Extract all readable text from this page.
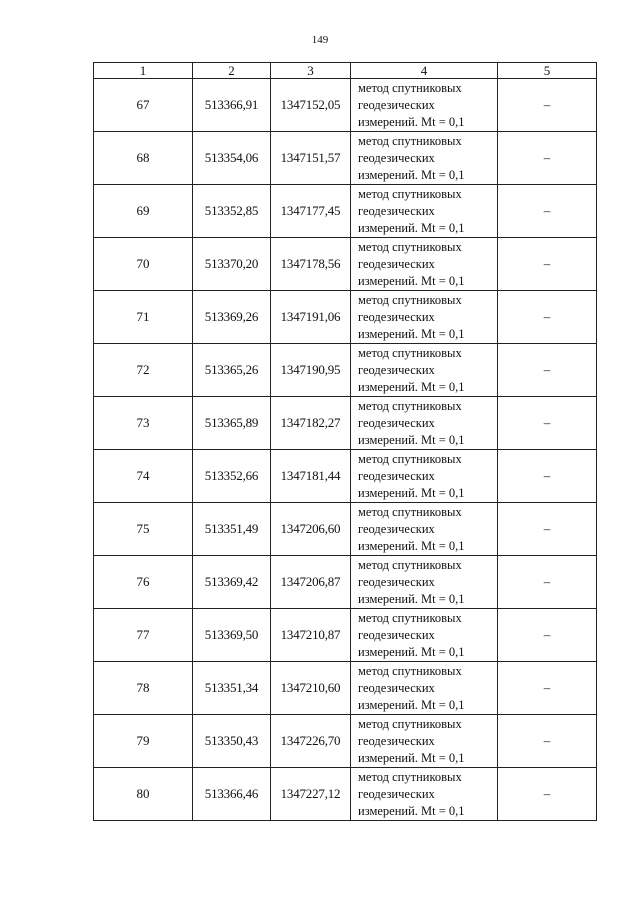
149
1	2	3	4	5
67	513366,91	1347152,05	метод спутниковых
геодезических
измерений. Mt = 0,1	–
68	513354,06	1347151,57	метод спутниковых
геодезических
измерений. Mt = 0,1	–
69	513352,85	1347177,45	метод спутниковых
геодезических
измерений. Mt = 0,1	–
70	513370,20	1347178,56	метод спутниковых
геодезических
измерений. Mt = 0,1	–
71	513369,26	1347191,06	метод спутниковых
геодезических
измерений. Mt = 0,1	–
72	513365,26	1347190,95	метод спутниковых
геодезических
измерений. Mt = 0,1	–
73	513365,89	1347182,27	метод спутниковых
геодезических
измерений. Mt = 0,1	–
74	513352,66	1347181,44	метод спутниковых
геодезических
измерений. Mt = 0,1	–
75	513351,49	1347206,60	метод спутниковых
геодезических
измерений. Mt = 0,1	–
76	513369,42	1347206,87	метод спутниковых
геодезических
измерений. Mt = 0,1	–
77	513369,50	1347210,87	метод спутниковых
геодезических
измерений. Mt = 0,1	–
78	513351,34	1347210,60	метод спутниковых
геодезических
измерений. Mt = 0,1	–
79	513350,43	1347226,70	метод спутниковых
геодезических
измерений. Mt = 0,1	–
80	513366,46	1347227,12	метод спутниковых
геодезических
измерений. Mt = 0,1	–
